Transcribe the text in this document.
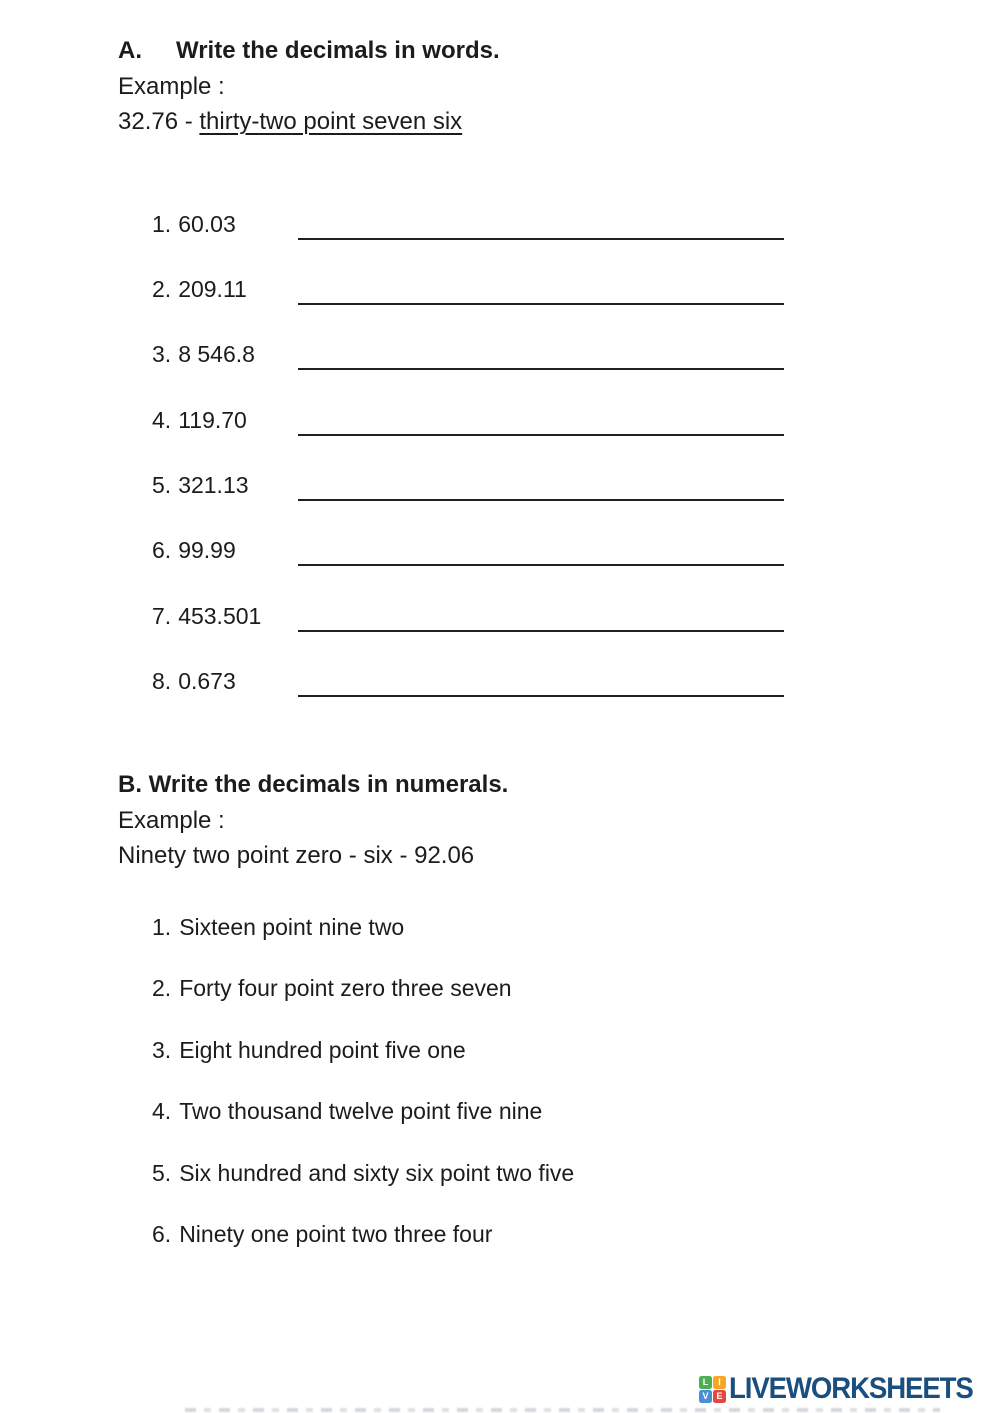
A. Write the decimals in words.
Example :
32.76 - thirty-two point seven six
1. 60.03
2. 209.11
3. 8 546.8
4. 119.70
5. 321.13
6. 99.99
7. 453.501
8. 0.673
B. Write the decimals in numerals.
Example :
Ninety two point zero - six - 92.06
1. Sixteen point nine two
2. Forty four point zero three seven
3. Eight hundred point five one
4. Two thousand twelve point five nine
5. Six hundred and sixty six point two five
6. Ninety one point two three four
L	I
V E LIVEWORKSHEETS
